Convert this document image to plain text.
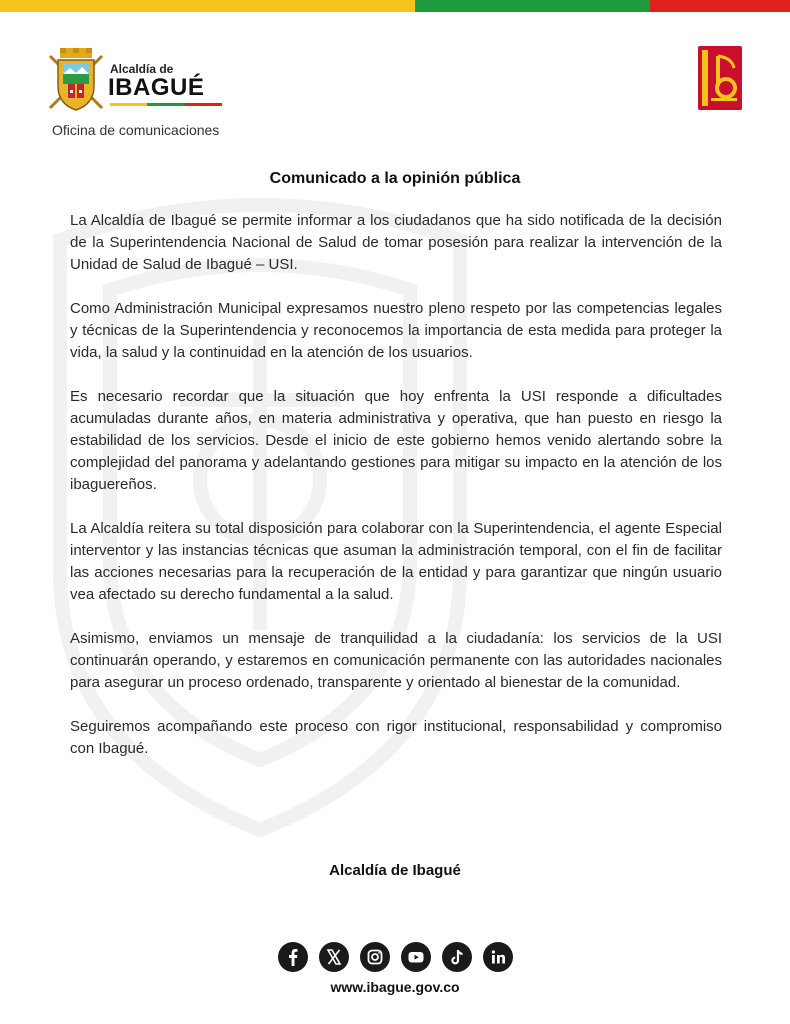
Alcaldía de
IBAGUÉ
Oficina de comunicaciones
Comunicado a la opinión pública

La Alcaldía de Ibagué se permite informar a los ciudadanos que ha sido notificada de la decisión de la Superintendencia Nacional de Salud de tomar posesión para realizar la intervención de la Unidad de Salud de Ibagué – USI.

Como Administración Municipal expresamos nuestro pleno respeto por las competencias legales y técnicas de la Superintendencia y reconocemos la importancia de esta medida para proteger la vida, la salud y la continuidad en la atención de los usuarios.

Es necesario recordar que la situación que hoy enfrenta la USI responde a dificultades acumuladas durante años, en materia administrativa y operativa, que han puesto en riesgo la estabilidad de los servicios. Desde el inicio de este gobierno hemos venido alertando sobre la complejidad del panorama y adelantando gestiones para mitigar su impacto en la atención de los ibaguereños.

La Alcaldía reitera su total disposición para colaborar con la Superintendencia, el agente Especial interventor y las instancias técnicas que asuman la administración temporal, con el fin de facilitar las acciones necesarias para la recuperación de la entidad y para garantizar que ningún usuario vea afectado su derecho fundamental a la salud.

Asimismo, enviamos un mensaje de tranquilidad a la ciudadanía: los servicios de la USI continuarán operando, y estaremos en comunicación permanente con las autoridades nacionales para asegurar un proceso ordenado, transparente y orientado al bienestar de la comunidad.

Seguiremos acompañando este proceso con rigor institucional, responsabilidad y compromiso con Ibagué.

Alcaldía de Ibagué
www.ibague.gov.co
